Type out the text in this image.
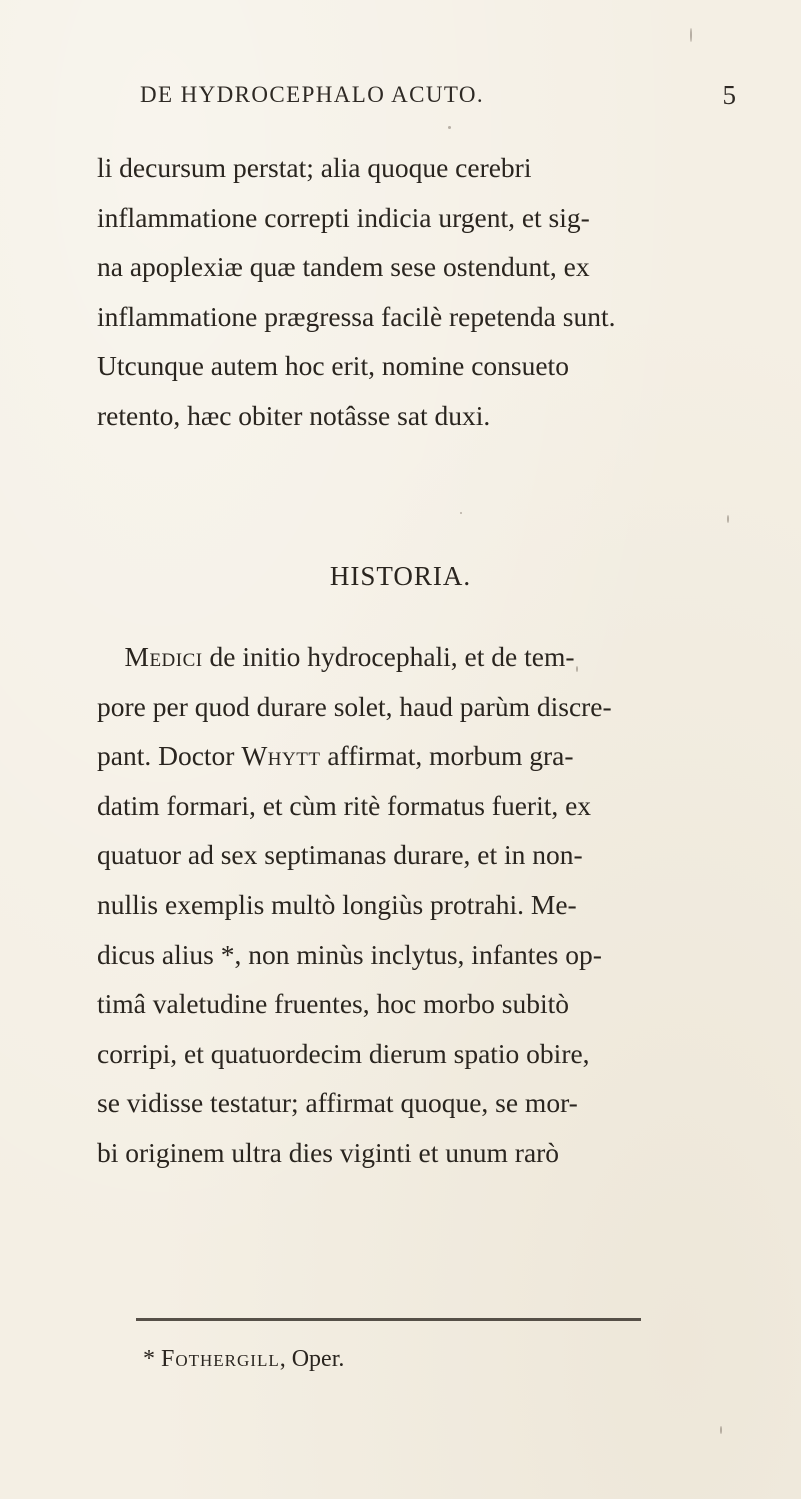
DE HYDROCEPHALO ACUTO.	5
li decursum perstat; alia quoque cerebri
inflammatione correpti indicia urgent, et sig-
na apoplexiæ quæ tandem sese ostendunt, ex
inflammatione prægressa facilè repetenda sunt.
Utcunque autem hoc erit, nomine consueto
retento, hæc obiter notâsse sat duxi.
HISTORIA.
 Medici de initio hydrocephali, et de tem-
pore per quod durare solet, haud parùm discre-
pant. Doctor Whytt affirmat, morbum gra-
datim formari, et cùm ritè formatus fuerit, ex
quatuor ad sex septimanas durare, et in non-
nullis exemplis multò longiùs protrahi. Me-
dicus alius *, non minùs inclytus, infantes op-
timâ valetudine fruentes, hoc morbo subitò
corripi, et quatuordecim dierum spatio obire,
se vidisse testatur; affirmat quoque, se mor-
bi originem ultra dies viginti et unum rarò
* Fothergill, Oper.
